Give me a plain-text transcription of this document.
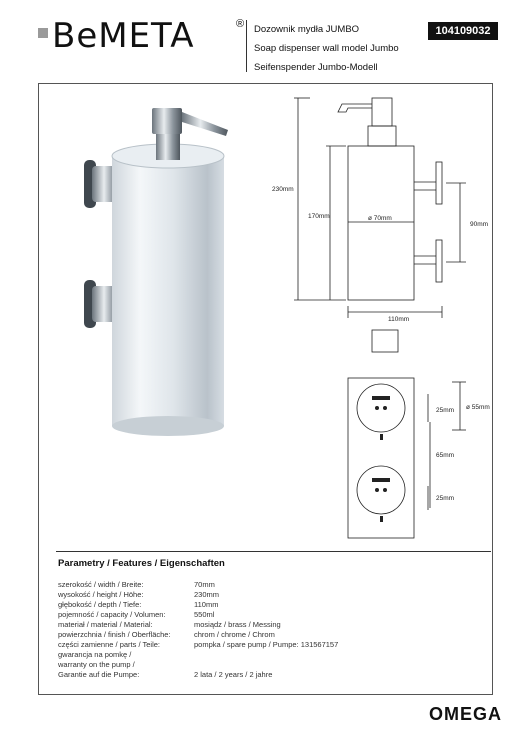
BeMETA	® Dozownik mydła JUMBO
Soap dispenser wall model Jumbo
Seifenspender Jumbo-Modell
104109032
230mm
170mm	ø 70mm
90mm
110mm
ø 55mm
25mm
65mm
25mm
Parametry / Features / Eigenschaften
szerokość / width / Breite:	70mm
wysokość / height / Höhe:	230mm
głębokość / depth / Tiefe:	110mm
pojemność / capacity / Volumen:	550ml
materiał / material / Material:	mosiądz / brass / Messing
powierzchnia / finish / Oberfläche:	chrom / chrome / Chrom
części zamienne / parts / Teile:	pompka / spare pump / Pumpe: 131567157
gwarancja na pomkę /
warranty on the pump /
Garantie auf die Pumpe:	2 lata / 2 years / 2 jahre
OMEGA
